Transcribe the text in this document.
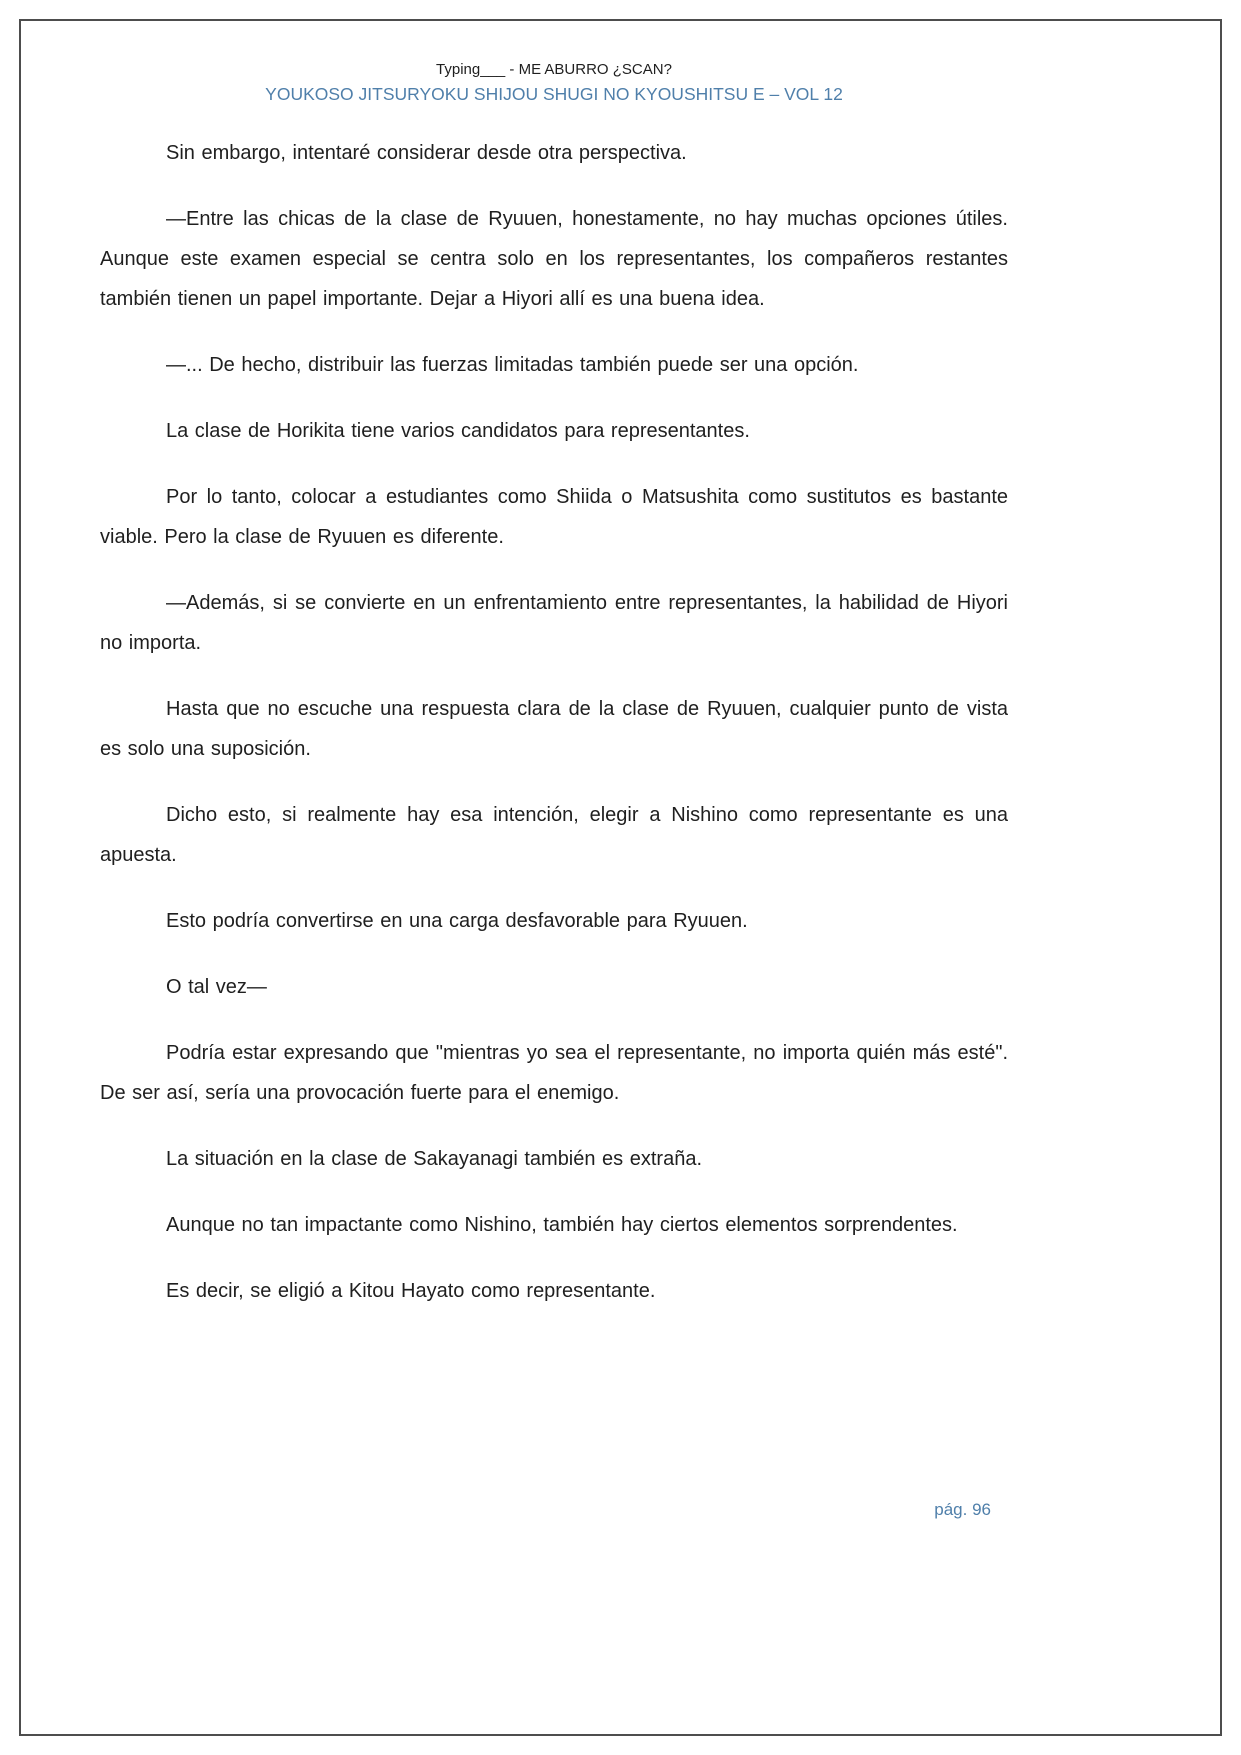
Typing___ - ME ABURRO ¿SCAN?
YOUKOSO JITSURYOKU SHIJOU SHUGI NO KYOUSHITSU E – VOL 12

Sin embargo, intentaré considerar desde otra perspectiva.

—Entre las chicas de la clase de Ryuuen, honestamente, no hay muchas opciones útiles. Aunque este examen especial se centra solo en los representantes, los compañeros restantes también tienen un papel importante. Dejar a Hiyori allí es una buena idea.

—... De hecho, distribuir las fuerzas limitadas también puede ser una opción.

La clase de Horikita tiene varios candidatos para representantes.

Por lo tanto, colocar a estudiantes como Shiida o Matsushita como sustitutos es bastante viable. Pero la clase de Ryuuen es diferente.

—Además, si se convierte en un enfrentamiento entre representantes, la habilidad de Hiyori no importa.

Hasta que no escuche una respuesta clara de la clase de Ryuuen, cualquier punto de vista es solo una suposición.

Dicho esto, si realmente hay esa intención, elegir a Nishino como representante es una apuesta.

Esto podría convertirse en una carga desfavorable para Ryuuen.

O tal vez—

Podría estar expresando que "mientras yo sea el representante, no importa quién más esté". De ser así, sería una provocación fuerte para el enemigo.

La situación en la clase de Sakayanagi también es extraña.

Aunque no tan impactante como Nishino, también hay ciertos elementos sorprendentes.

Es decir, se eligió a Kitou Hayato como representante.

pág. 96
